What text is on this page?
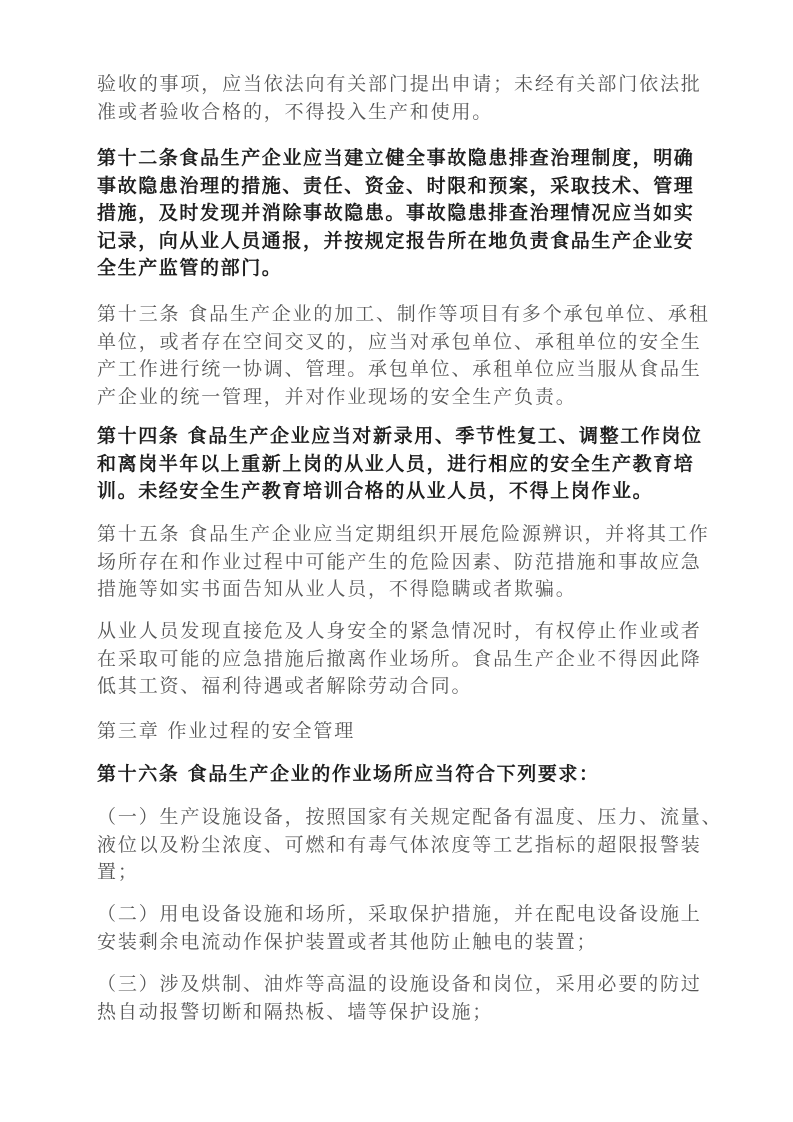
验收的事项，应当依法向有关部门提出申请；未经有关部门依法批
准或者验收合格的，不得投入生产和使用。

第十二条食品生产企业应当建立健全事故隐患排查治理制度，明确
事故隐患治理的措施、责任、资金、时限和预案，采取技术、管理
措施，及时发现并消除事故隐患。事故隐患排查治理情况应当如实
记录，向从业人员通报，并按规定报告所在地负责食品生产企业安
全生产监管的部门。

第十三条 食品生产企业的加工、制作等项目有多个承包单位、承租
单位，或者存在空间交叉的，应当对承包单位、承租单位的安全生
产工作进行统一协调、管理。承包单位、承租单位应当服从食品生
产企业的统一管理，并对作业现场的安全生产负责。

第十四条 食品生产企业应当对新录用、季节性复工、调整工作岗位
和离岗半年以上重新上岗的从业人员，进行相应的安全生产教育培
训。未经安全生产教育培训合格的从业人员，不得上岗作业。

第十五条 食品生产企业应当定期组织开展危险源辨识，并将其工作
场所存在和作业过程中可能产生的危险因素、防范措施和事故应急
措施等如实书面告知从业人员，不得隐瞒或者欺骗。

从业人员发现直接危及人身安全的紧急情况时，有权停止作业或者
在采取可能的应急措施后撤离作业场所。食品生产企业不得因此降
低其工资、福利待遇或者解除劳动合同。

第三章 作业过程的安全管理

第十六条 食品生产企业的作业场所应当符合下列要求：

（一）生产设施设备，按照国家有关规定配备有温度、压力、流量、
液位以及粉尘浓度、可燃和有毒气体浓度等工艺指标的超限报警装
置；

（二）用电设备设施和场所，采取保护措施，并在配电设备设施上
安装剩余电流动作保护装置或者其他防止触电的装置；

（三）涉及烘制、油炸等高温的设施设备和岗位，采用必要的防过
热自动报警切断和隔热板、墙等保护设施；
